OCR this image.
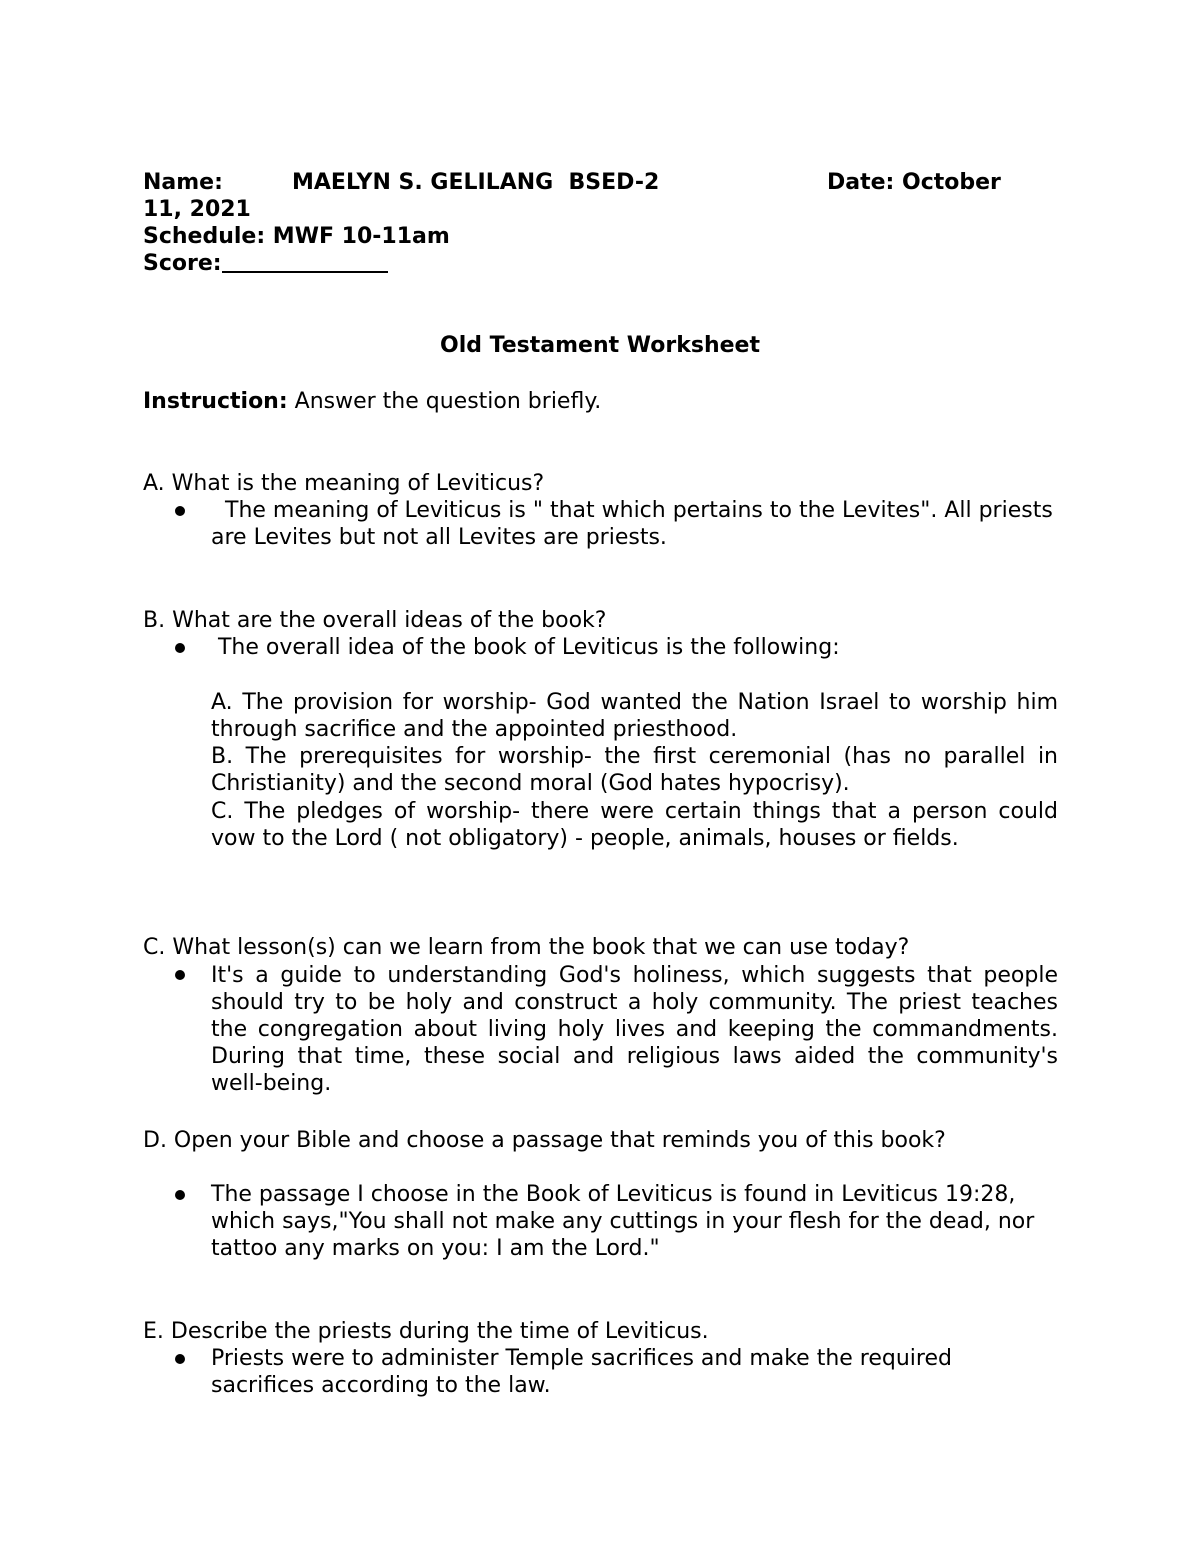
Name:	MAELYN S. GELILANG  BSED-2	Date: October
11, 2021
Schedule: MWF 10-11am
Score:
Old Testament Worksheet
Instruction: Answer the question briefly.
A. What is the meaning of Leviticus?
The meaning of Leviticus is " that which pertains to the Levites". All priests are Levites but not all Levites are priests.
B. What are the overall ideas of the book?
The overall idea of the book of Leviticus is the following:
A. The provision for worship- God wanted the Nation Israel to worship him through sacrifice and the appointed priesthood.
B. The prerequisites for worship- the first ceremonial (has no parallel in Christianity) and the second moral (God hates hypocrisy).
C. The pledges of worship- there were certain things that a person could vow to the Lord ( not obligatory) - people, animals, houses or fields.
C. What lesson(s) can we learn from the book that we can use today?
It's a guide to understanding God's holiness, which suggests that people should try to be holy and construct a holy community. The priest teaches the congregation about living holy lives and keeping the commandments. During that time, these social and religious laws aided the community's well-being.
D. Open your Bible and choose a passage that reminds you of this book?
The passage I choose in the Book of Leviticus is found in Leviticus 19:28, which says,"You shall not make any cuttings in your flesh for the dead, nor tattoo any marks on you: I am the Lord."
E. Describe the priests during the time of Leviticus.
Priests were to administer Temple sacrifices and make the required sacrifices according to the law.
